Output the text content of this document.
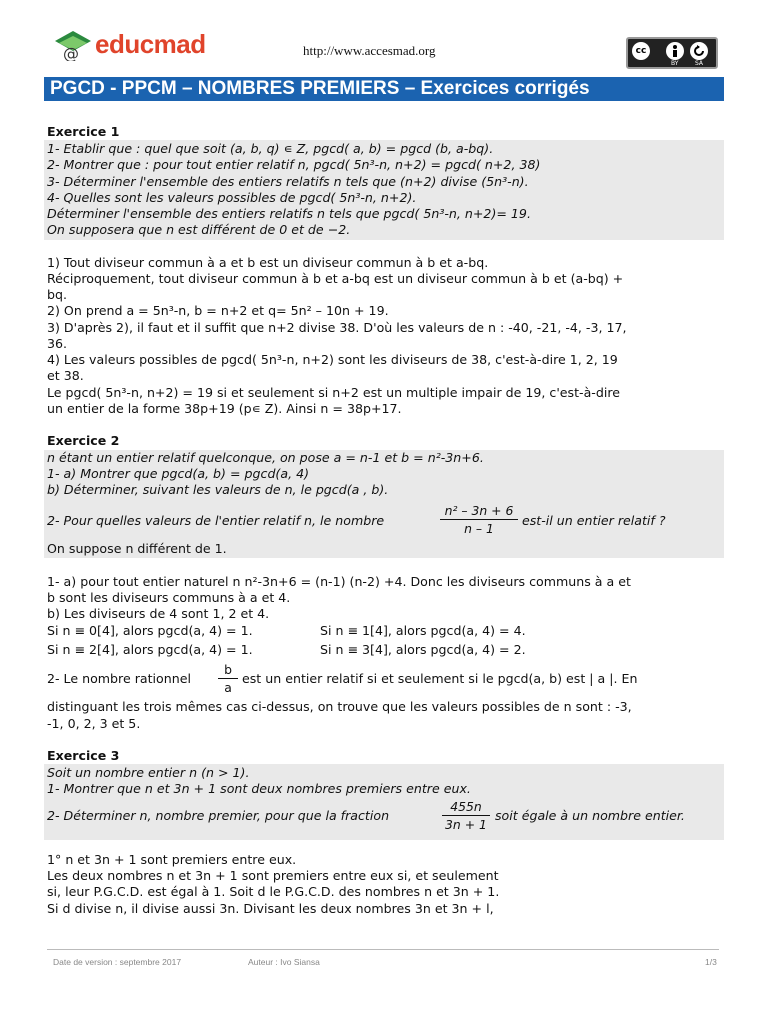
@ educmad	http://www.accesmad.org	cc
BY	SA
PGCD - PPCM – NOMBRES PREMIERS – Exercices corrigés
Exercice 1
1- Etablir que : quel que soit (a, b, q) ∊ Z, pgcd( a, b) = pgcd (b, a-bq).
2- Montrer que : pour tout entier relatif n, pgcd( 5n³-n, n+2) = pgcd( n+2, 38)
3- Déterminer l'ensemble des entiers relatifs n tels que (n+2) divise (5n³-n).
4- Quelles sont les valeurs possibles de pgcd( 5n³-n, n+2).
Déterminer l'ensemble des entiers relatifs n tels que pgcd( 5n³-n, n+2)= 19.
On supposera que n est différent de 0 et de −2.
1) Tout diviseur commun à a et b est un diviseur commun à b et a-bq.
Réciproquement, tout diviseur commun à b et a-bq est un diviseur commun à b et (a-bq) +
bq.
2) On prend a = 5n³-n, b = n+2 et q= 5n² – 10n + 19.
3) D'après 2), il faut et il suffit que n+2 divise 38. D'où les valeurs de n : -40, -21, -4, -3, 17,
36.
4) Les valeurs possibles de pgcd( 5n³-n, n+2) sont les diviseurs de 38, c'est-à-dire 1, 2, 19
et 38.
Le pgcd( 5n³-n, n+2) = 19 si et seulement si n+2 est un multiple impair de 19, c'est-à-dire
un entier de la forme 38p+19 (p∊ Z). Ainsi n = 38p+17.
Exercice 2
n étant un entier relatif quelconque, on pose a = n-1 et b = n²-3n+6.
1- a) Montrer que pgcd(a, b) = pgcd(a, 4)
b) Déterminer, suivant les valeurs de n, le pgcd(a , b).
2- Pour quelles valeurs de l'entier relatif n, le nombre
n² – 3n + 6
n – 1
est-il un entier relatif ?
On suppose n différent de 1.
1- a) pour tout entier naturel n n²-3n+6 = (n-1) (n-2) +4. Donc les diviseurs communs à a et
b sont les diviseurs communs à a et 4.
b) Les diviseurs de 4 sont 1, 2 et 4.
Si n ≡ 0[4], alors pgcd(a, 4) = 1.	Si n ≡ 1[4], alors pgcd(a, 4) = 4.
Si n ≡ 2[4], alors pgcd(a, 4) = 1.	Si n ≡ 3[4], alors pgcd(a, 4) = 2.
2- Le nombre rationnel
b
a
est un entier relatif si et seulement si le pgcd(a, b) est | a |. En
distinguant les trois mêmes cas ci-dessus, on trouve que les valeurs possibles de n sont : -3,
-1, 0, 2, 3 et 5.
Exercice 3
Soit un nombre entier n (n > 1).
1- Montrer que n et 3n + 1 sont deux nombres premiers entre eux.
2- Déterminer n, nombre premier, pour que la fraction
455n
3n + 1
soit égale à un nombre entier.
1° n et 3n + 1 sont premiers entre eux.
Les deux nombres n et 3n + 1 sont premiers entre eux si, et seulement
si, leur P.G.C.D. est égal à 1. Soit d le P.G.C.D. des nombres n et 3n + 1.
Si d divise n, il divise aussi 3n. Divisant les deux nombres 3n et 3n + l,
Date de version : septembre 2017	Auteur : Ivo Siansa	1/3
